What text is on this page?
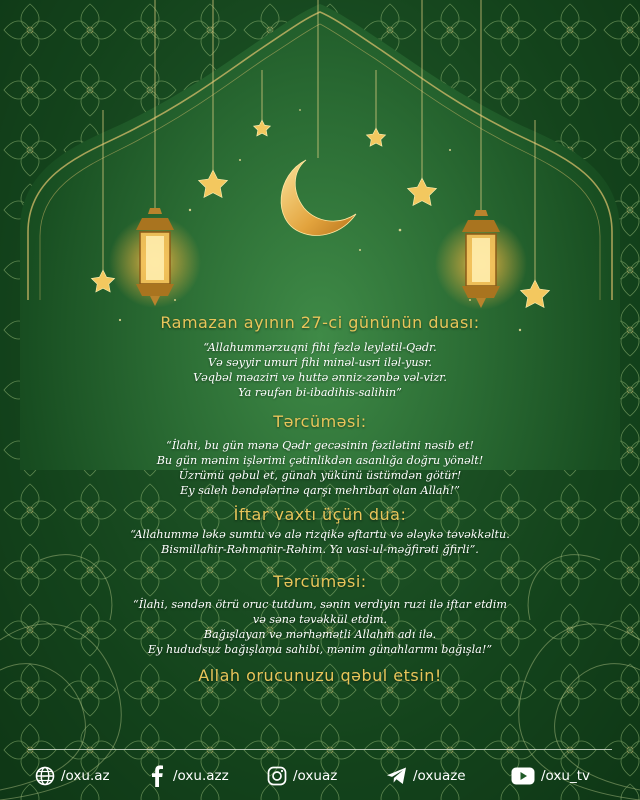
Ramazan ayının 27-ci gününün duası:
“Allahummərzuqni fihi fəzlə leylətil-Qədr.
Və səyyir umuri fihi minəl-usri iləl-yusr.
Vəqbəl məaziri və huttə ənniz-zənbə vəl-vizr.
Ya rəufən bi-ibadihis-salihin”
Tərcüməsi:
“İlahi, bu gün mənə Qədr gecəsinin fəzilətini nəsib et!
Bu gün mənim işlərimi çətinlikdən asanlığa doğru yönəlt!
Üzrümü qəbul et, günah yükünü üstümdən götür!
Ey saleh bəndələrinə qarşı mehriban olan Allah!”
İftar vaxtı üçün dua:
“Allahummə ləkə sumtu və alə rizqikə əftartu və ələykə təvəkkəltu.
Bismillahir-Rəhmanir-Rəhim. Ya vasi-ul-məğfirəti ğfirli”.
Tərcüməsi:
“İlahi, səndən ötrü oruc tutdum, sənin verdiyin ruzi ilə iftar etdim
və sənə təvəkkül etdim.
Bağışlayan və mərhəmətli Allahın adı ilə.
Ey hududsuz bağışlama sahibi, mənim günahlarımı bağışla!”
Allah orucunuzu qəbul etsin!
/oxu.az	/oxu.azz	/oxuaz	/oxuaze	/oxu_tv
